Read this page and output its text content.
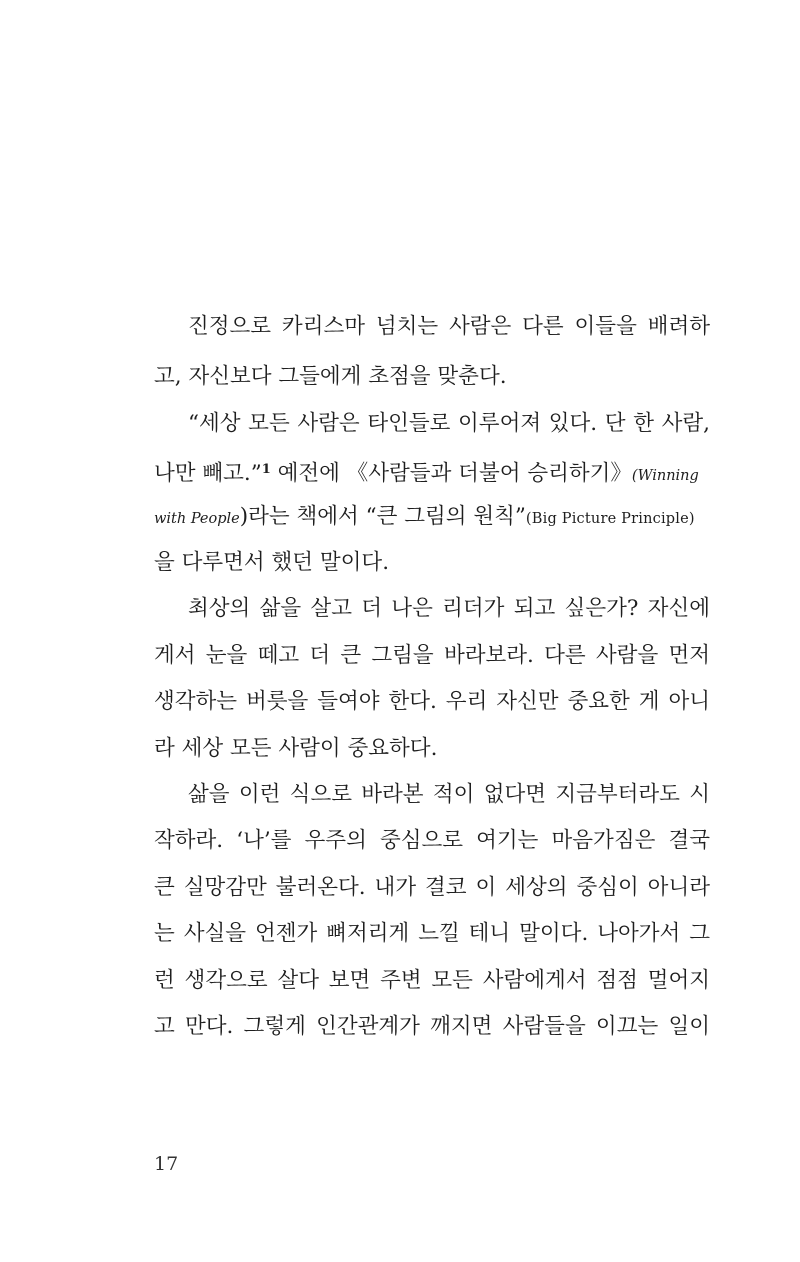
진정으로 카리스마 넘치는 사람은 다른 이들을 배려하
고, 자신보다 그들에게 초점을 맞춘다.
“세상 모든 사람은 타인들로 이루어져 있다. 단 한 사람,
나만 빼고.”$^1$ 예전에 《사람들과 더불어 승리하기》(Winning
with People)라는 책에서 “큰 그림의 원칙”(Big Picture Principle)
을 다루면서 했던 말이다.
최상의 삶을 살고 더 나은 리더가 되고 싶은가? 자신에
게서 눈을 떼고 더 큰 그림을 바라보라. 다른 사람을 먼저
생각하는 버릇을 들여야 한다. 우리 자신만 중요한 게 아니
라 세상 모든 사람이 중요하다.
삶을 이런 식으로 바라본 적이 없다면 지금부터라도 시
작하라. ‘나’를 우주의 중심으로 여기는 마음가짐은 결국
큰 실망감만 불러온다. 내가 결코 이 세상의 중심이 아니라
는 사실을 언젠가 뼈저리게 느낄 테니 말이다. 나아가서 그
런 생각으로 살다 보면 주변 모든 사람에게서 점점 멀어지
고 만다. 그렇게 인간관계가 깨지면 사람들을 이끄는 일이
17
